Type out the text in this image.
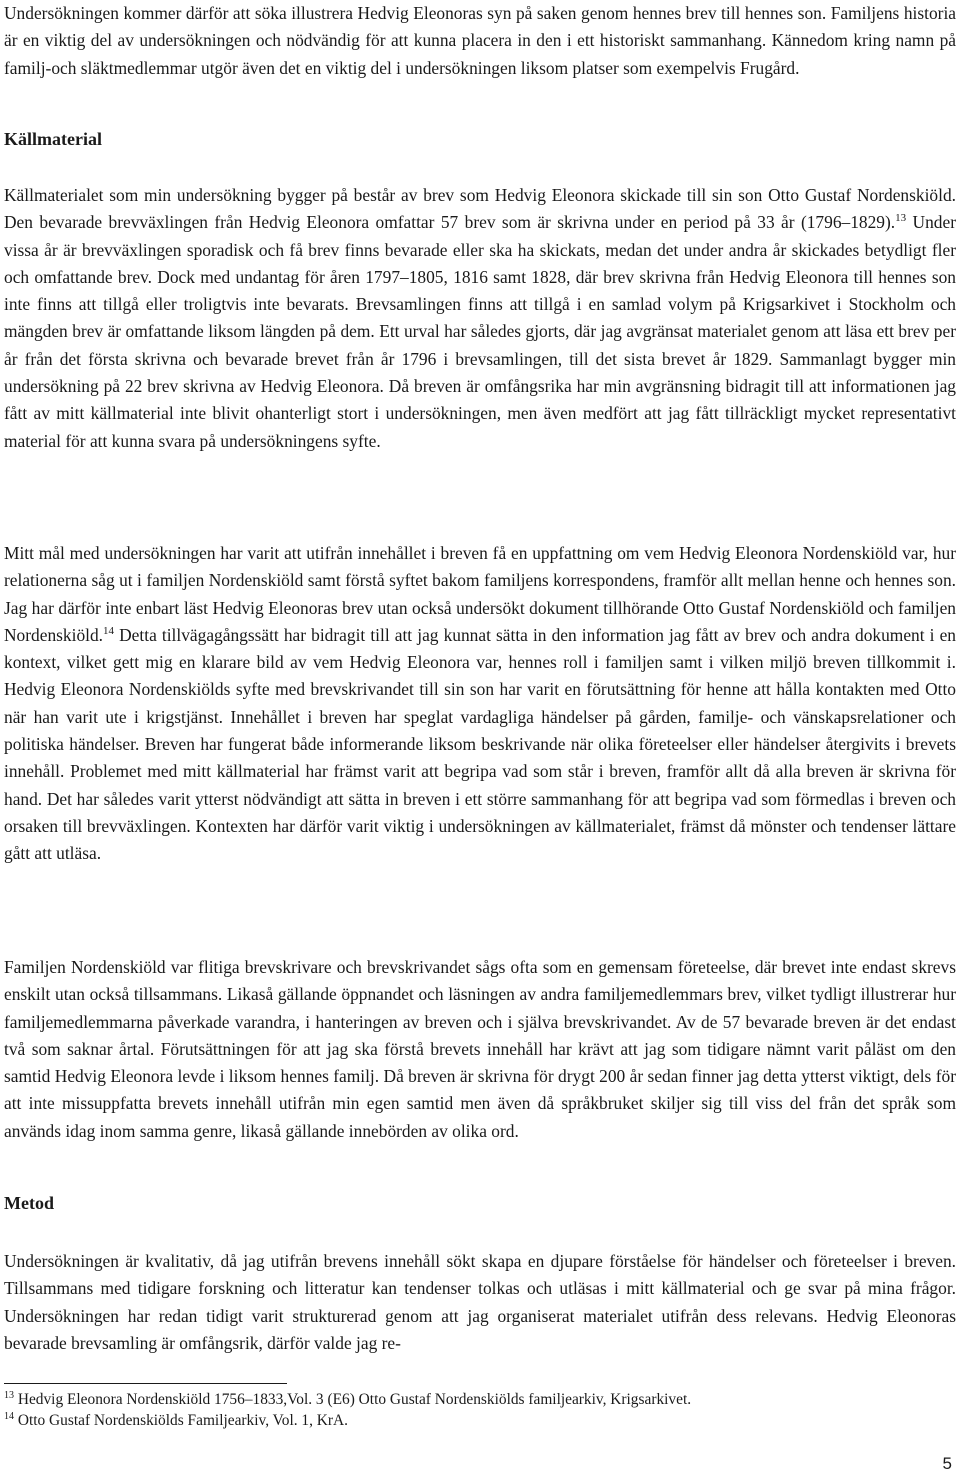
Undersökningen kommer därför att söka illustrera Hedvig Eleonoras syn på saken genom hennes brev till hennes son. Familjens historia är en viktig del av undersökningen och nödvändig för att kunna placera in den i ett historiskt sammanhang. Kännedom kring namn på familj-och släktmedlemmar utgör även det en viktig del i undersökningen liksom platser som exempelvis Frugård.

Källmaterial

Källmaterialet som min undersökning bygger på består av brev som Hedvig Eleonora skickade till sin son Otto Gustaf Nordenskiöld. Den bevarade brevväxlingen från Hedvig Eleonora omfattar 57 brev som är skrivna under en period på 33 år (1796–1829).$^{13}$ Under vissa år är brevväxlingen sporadisk och få brev finns bevarade eller ska ha skickats, medan det under andra år skickades betydligt fler och omfattande brev. Dock med undantag för åren 1797–1805, 1816 samt 1828, där brev skrivna från Hedvig Eleonora till hennes son inte finns att tillgå eller troligtvis inte bevarats. Brevsamlingen finns att tillgå i en samlad volym på Krigsarkivet i Stockholm och mängden brev är omfattande liksom längden på dem. Ett urval har således gjorts, där jag avgränsat materialet genom att läsa ett brev per år från det första skrivna och bevarade brevet från år 1796 i brevsamlingen, till det sista brevet år 1829. Sammanlagt bygger min undersökning på 22 brev skrivna av Hedvig Eleonora. Då breven är omfångsrika har min avgränsning bidragit till att informationen jag fått av mitt källmaterial inte blivit ohanterligt stort i undersökningen, men även medfört att jag fått tillräckligt mycket representativt material för att kunna svara på undersökningens syfte.

Mitt mål med undersökningen har varit att utifrån innehållet i breven få en uppfattning om vem Hedvig Eleonora Nordenskiöld var, hur relationerna såg ut i familjen Nordenskiöld samt förstå syftet bakom familjens korrespondens, framför allt mellan henne och hennes son. Jag har därför inte enbart läst Hedvig Eleonoras brev utan också undersökt dokument tillhörande Otto Gustaf Nordenskiöld och familjen Nordenskiöld.$^{14}$ Detta tillvägagångssätt har bidragit till att jag kunnat sätta in den information jag fått av brev och andra dokument i en kontext, vilket gett mig en klarare bild av vem Hedvig Eleonora var, hennes roll i familjen samt i vilken miljö breven tillkommit i. Hedvig Eleonora Nordenskiölds syfte med brevskrivandet till sin son har varit en förutsättning för henne att hålla kontakten med Otto när han varit ute i krigstjänst. Innehållet i breven har speglat vardagliga händelser på gården, familje- och vänskapsrelationer och politiska händelser. Breven har fungerat både informerande liksom beskrivande när olika företeelser eller händelser återgivits i brevets innehåll. Problemet med mitt källmaterial har främst varit att begripa vad som står i breven, framför allt då alla breven är skrivna för hand. Det har således varit ytterst nödvändigt att sätta in breven i ett större sammanhang för att begripa vad som förmedlas i breven och orsaken till brevväxlingen. Kontexten har därför varit viktig i undersökningen av källmaterialet, främst då mönster och tendenser lättare gått att utläsa.

Familjen Nordenskiöld var flitiga brevskrivare och brevskrivandet sågs ofta som en gemensam företeelse, där brevet inte endast skrevs enskilt utan också tillsammans. Likaså gällande öppnandet och läsningen av andra familjemedlemmars brev, vilket tydligt illustrerar hur familjemedlemmarna påverkade varandra, i hanteringen av breven och i själva brevskrivandet. Av de 57 bevarade breven är det endast två som saknar årtal. Förutsättningen för att jag ska förstå brevets innehåll har krävt att jag som tidigare nämnt varit påläst om den samtid Hedvig Eleonora levde i liksom hennes familj. Då breven är skrivna för drygt 200 år sedan finner jag detta ytterst viktigt, dels för att inte missuppfatta brevets innehåll utifrån min egen samtid men även då språkbruket skiljer sig till viss del från det språk som används idag inom samma genre, likaså gällande innebörden av olika ord.

Metod

Undersökningen är kvalitativ, då jag utifrån brevens innehåll sökt skapa en djupare förståelse för händelser och företeelser i breven. Tillsammans med tidigare forskning och litteratur kan tendenser tolkas och utläsas i mitt källmaterial och ge svar på mina frågor. Undersökningen har redan tidigt varit strukturerad genom att jag organiserat materialet utifrån dess relevans. Hedvig Eleonoras bevarade brevsamling är omfångsrik, därför valde jag re-

$^{13}$ Hedvig Eleonora Nordenskiöld 1756–1833,Vol. 3 (E6) Otto Gustaf Nordenskiölds familjearkiv, Krigsarkivet.
$^{14}$ Otto Gustaf Nordenskiölds Familjearkiv, Vol. 1, KrA.
5
